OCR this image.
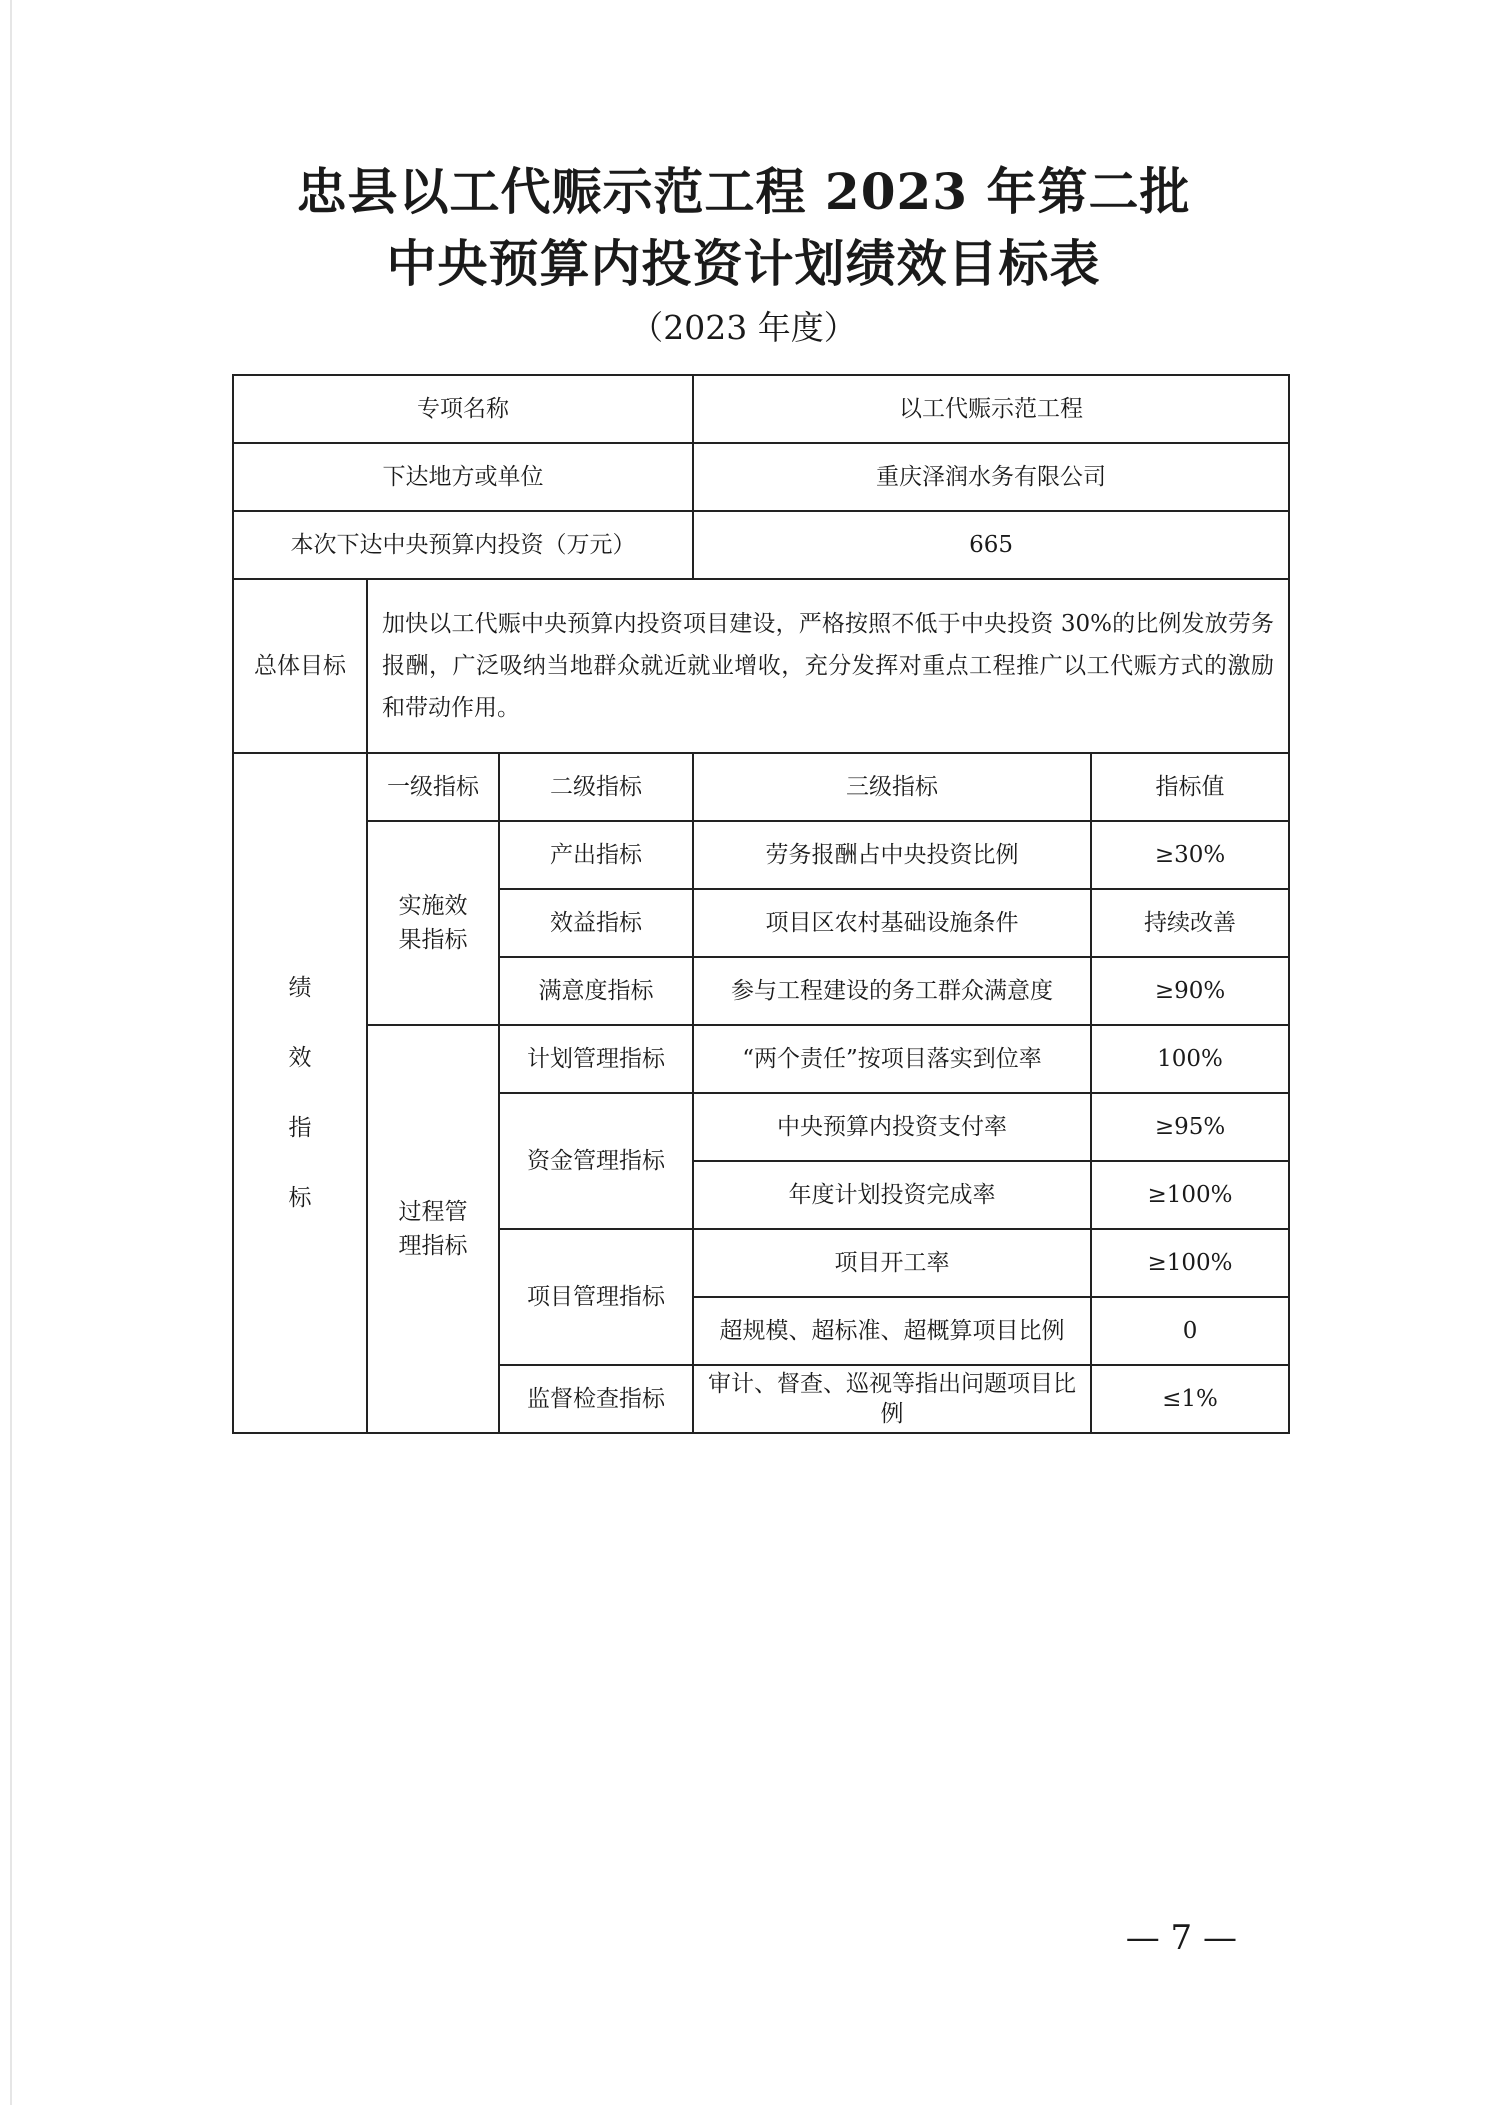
忠县以工代赈示范工程 2023 年第二批
中央预算内投资计划绩效目标表
（2023 年度）
专项名称			以工代赈示范工程	
下达地方或单位			重庆泽润水务有限公司	
本次下达中央预算内投资（万元）			665	
总体目标	加快以工代赈中央预算内投资项目建设，严格按照不低于中央投资 30%的比例发放劳务报酬，广泛吸纳当地群众就近就业增收，充分发挥对重点工程推广以工代赈方式的激励和带动作用。			

绩
效
指
标	一级指标	二级指标	三级指标	指标值
	实施效果指标	产出指标	劳务报酬占中央投资比例	≥30%
		效益指标	项目区农村基础设施条件	持续改善
		满意度指标	参与工程建设的务工群众满意度	≥90%
	过程管理指标	计划管理指标	“两个责任”按项目落实到位率	100%
		资金管理指标	中央预算内投资支付率	≥95%
			年度计划投资完成率	≥100%
		项目管理指标	项目开工率	≥100%
			超规模、超标准、超概算项目比例	0
		监督检查指标	审计、督查、巡视等指出问题项目比例	≤1%
— 7 —
